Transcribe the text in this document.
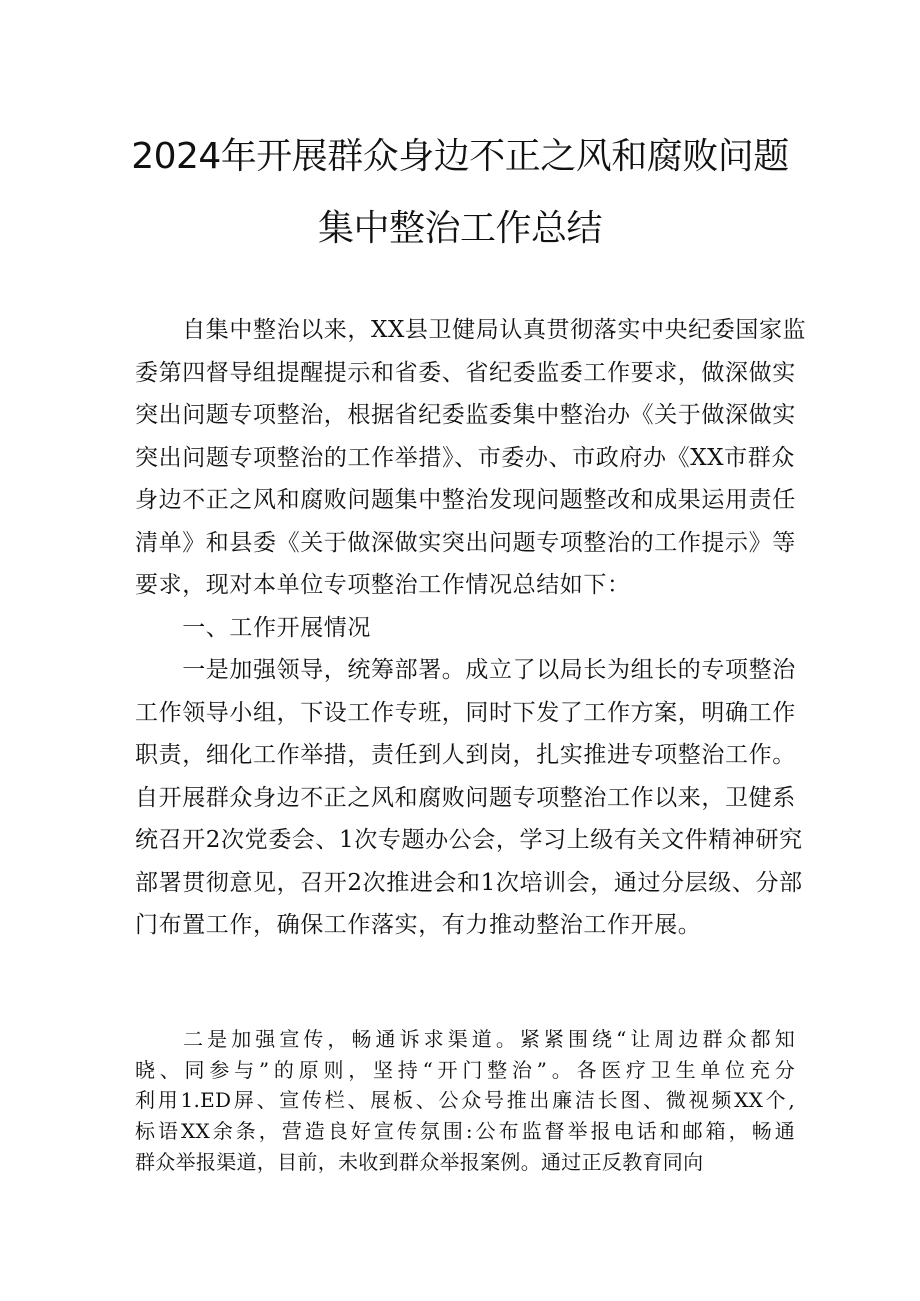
2024年开展群众身边不正之风和腐败问题
集中整治工作总结
　　自集中整治以来，XX县卫健局认真贯彻落实中央纪委国家监
委第四督导组提醒提示和省委、省纪委监委工作要求，做深做实
突出问题专项整治，根据省纪委监委集中整治办《关于做深做实
突出问题专项整治的工作举措》、市委办、市政府办《XX市群众
身边不正之风和腐败问题集中整治发现问题整改和成果运用责任
清单》和县委《关于做深做实突出问题专项整治的工作提示》等
要求，现对本单位专项整治工作情况总结如下：
　　一、工作开展情况
　　一是加强领导，统筹部署。成立了以局长为组长的专项整治
工作领导小组，下设工作专班，同时下发了工作方案，明确工作
职责，细化工作举措，责任到人到岗，扎实推进专项整治工作。
自开展群众身边不正之风和腐败问题专项整治工作以来，卫健系
统召开2次党委会、1次专题办公会，学习上级有关文件精神研究
部署贯彻意见，召开2次推进会和1次培训会，通过分层级、分部
门布置工作，确保工作落实，有力推动整治工作开展。
　　二是加强宣传，畅通诉求渠道。紧紧围绕“让周边群众都知
晓、同参与”的原则，坚持“开门整治”。各医疗卫生单位充分
利用1.ED屏、宣传栏、展板、公众号推出廉洁长图、微视频XX个,
标语XX余条，营造良好宣传氛围:公布监督举报电话和邮箱，畅通
群众举报渠道，目前，未收到群众举报案例。通过正反教育同向
